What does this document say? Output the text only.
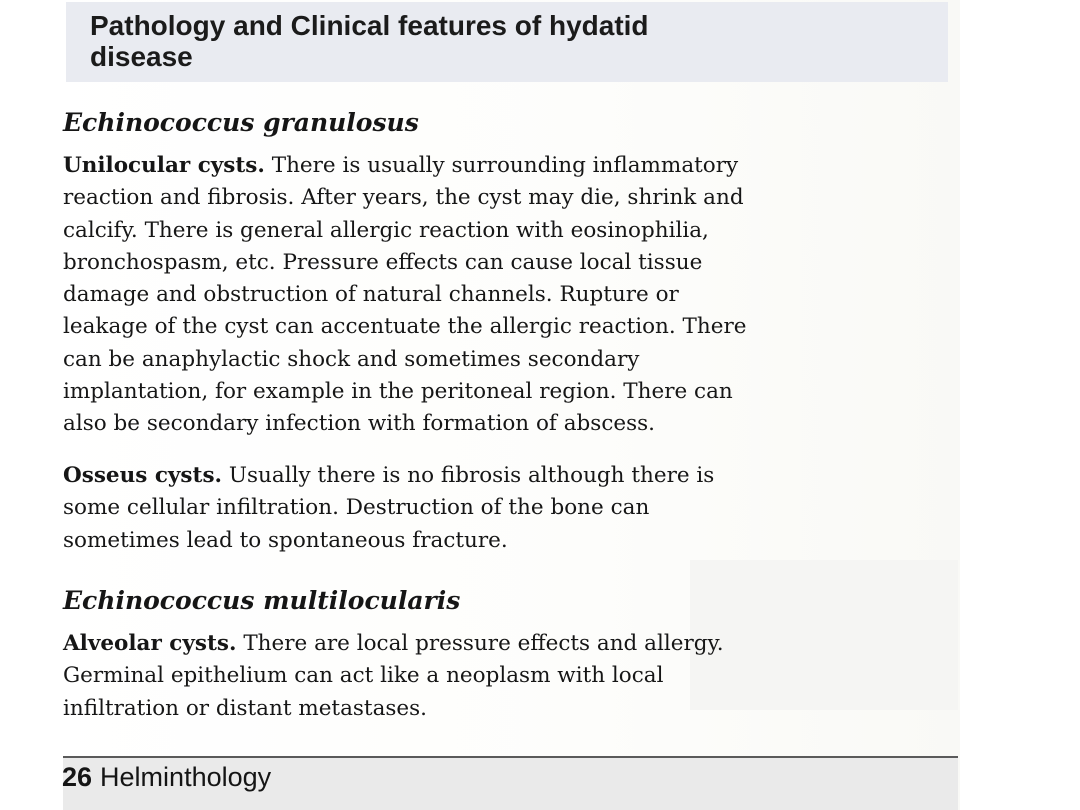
Pathology and Clinical features of hydatid
disease
Echinococcus granulosus

Unilocular cysts. There is usually surrounding inflammatory
reaction and fibrosis. After years, the cyst may die, shrink and
calcify. There is general allergic reaction with eosinophilia,
bronchospasm, etc. Pressure effects can cause local tissue
damage and obstruction of natural channels. Rupture or
leakage of the cyst can accentuate the allergic reaction. There
can be anaphylactic shock and sometimes secondary
implantation, for example in the peritoneal region. There can
also be secondary infection with formation of abscess.

Osseus cysts. Usually there is no fibrosis although there is
some cellular infiltration. Destruction of the bone can
sometimes lead to spontaneous fracture.

Echinococcus multilocularis

Alveolar cysts. There are local pressure effects and allergy.
Germinal epithelium can act like a neoplasm with local
infiltration or distant metastases.

26 Helminthology
